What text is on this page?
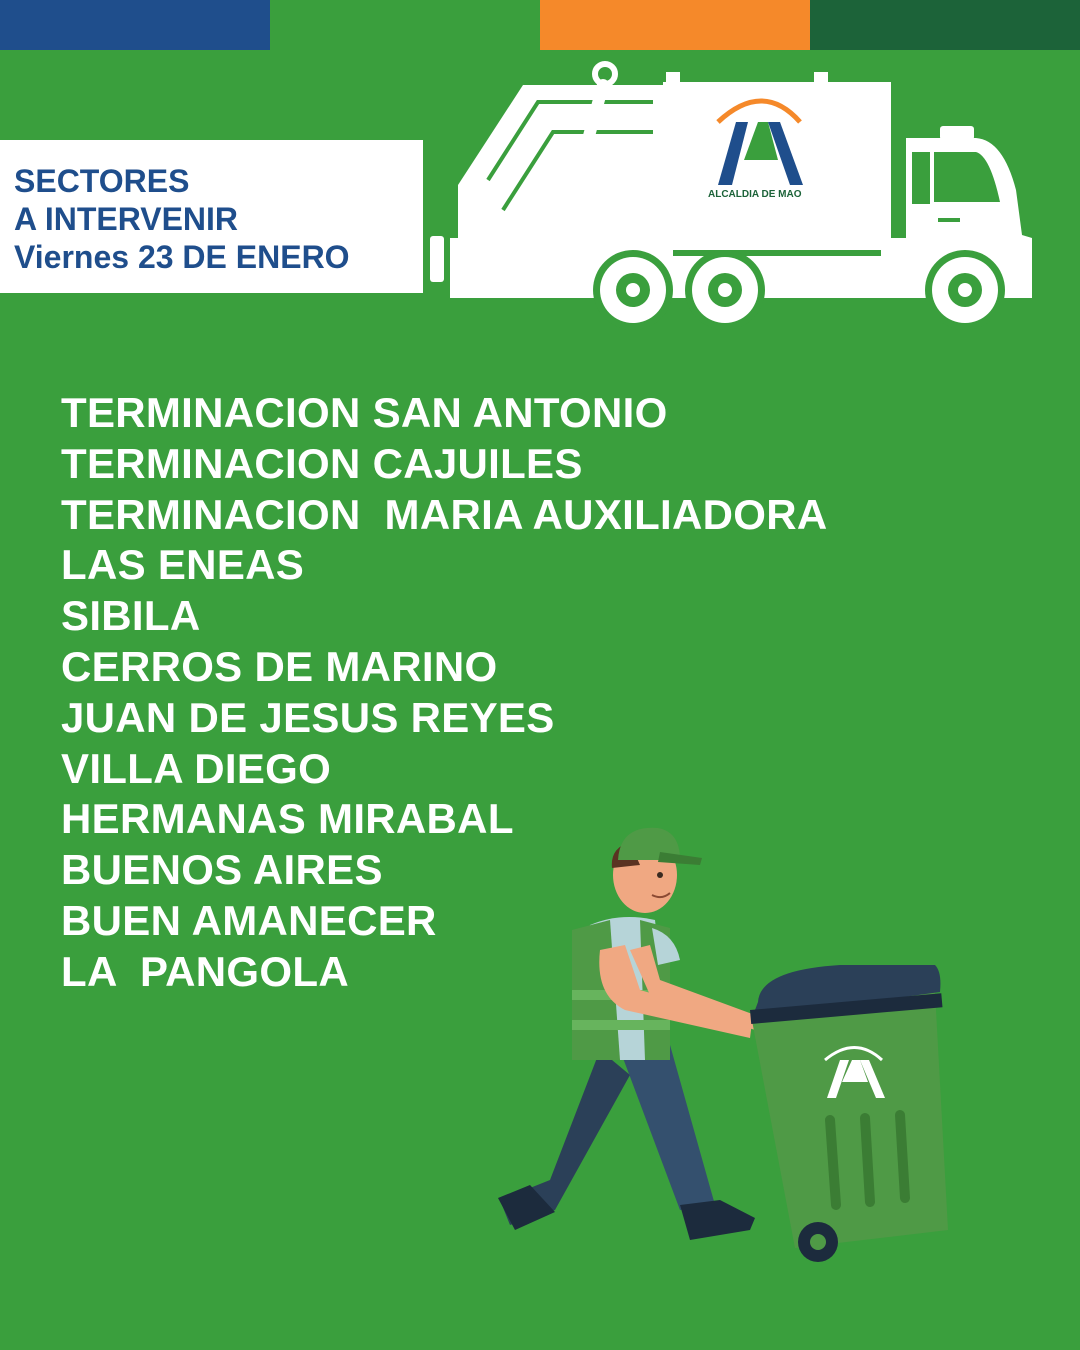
SECTORES
A INTERVENIR
Viernes 23 DE ENERO
ALCALDIA DE MAO
TERMINACION SAN ANTONIO
TERMINACION CAJUILES
TERMINACION  MARIA AUXILIADORA
LAS ENEAS
SIBILA
CERROS DE MARINO
JUAN DE JESUS REYES
VILLA DIEGO
HERMANAS MIRABAL
BUENOS AIRES
BUEN AMANECER
LA  PANGOLA
